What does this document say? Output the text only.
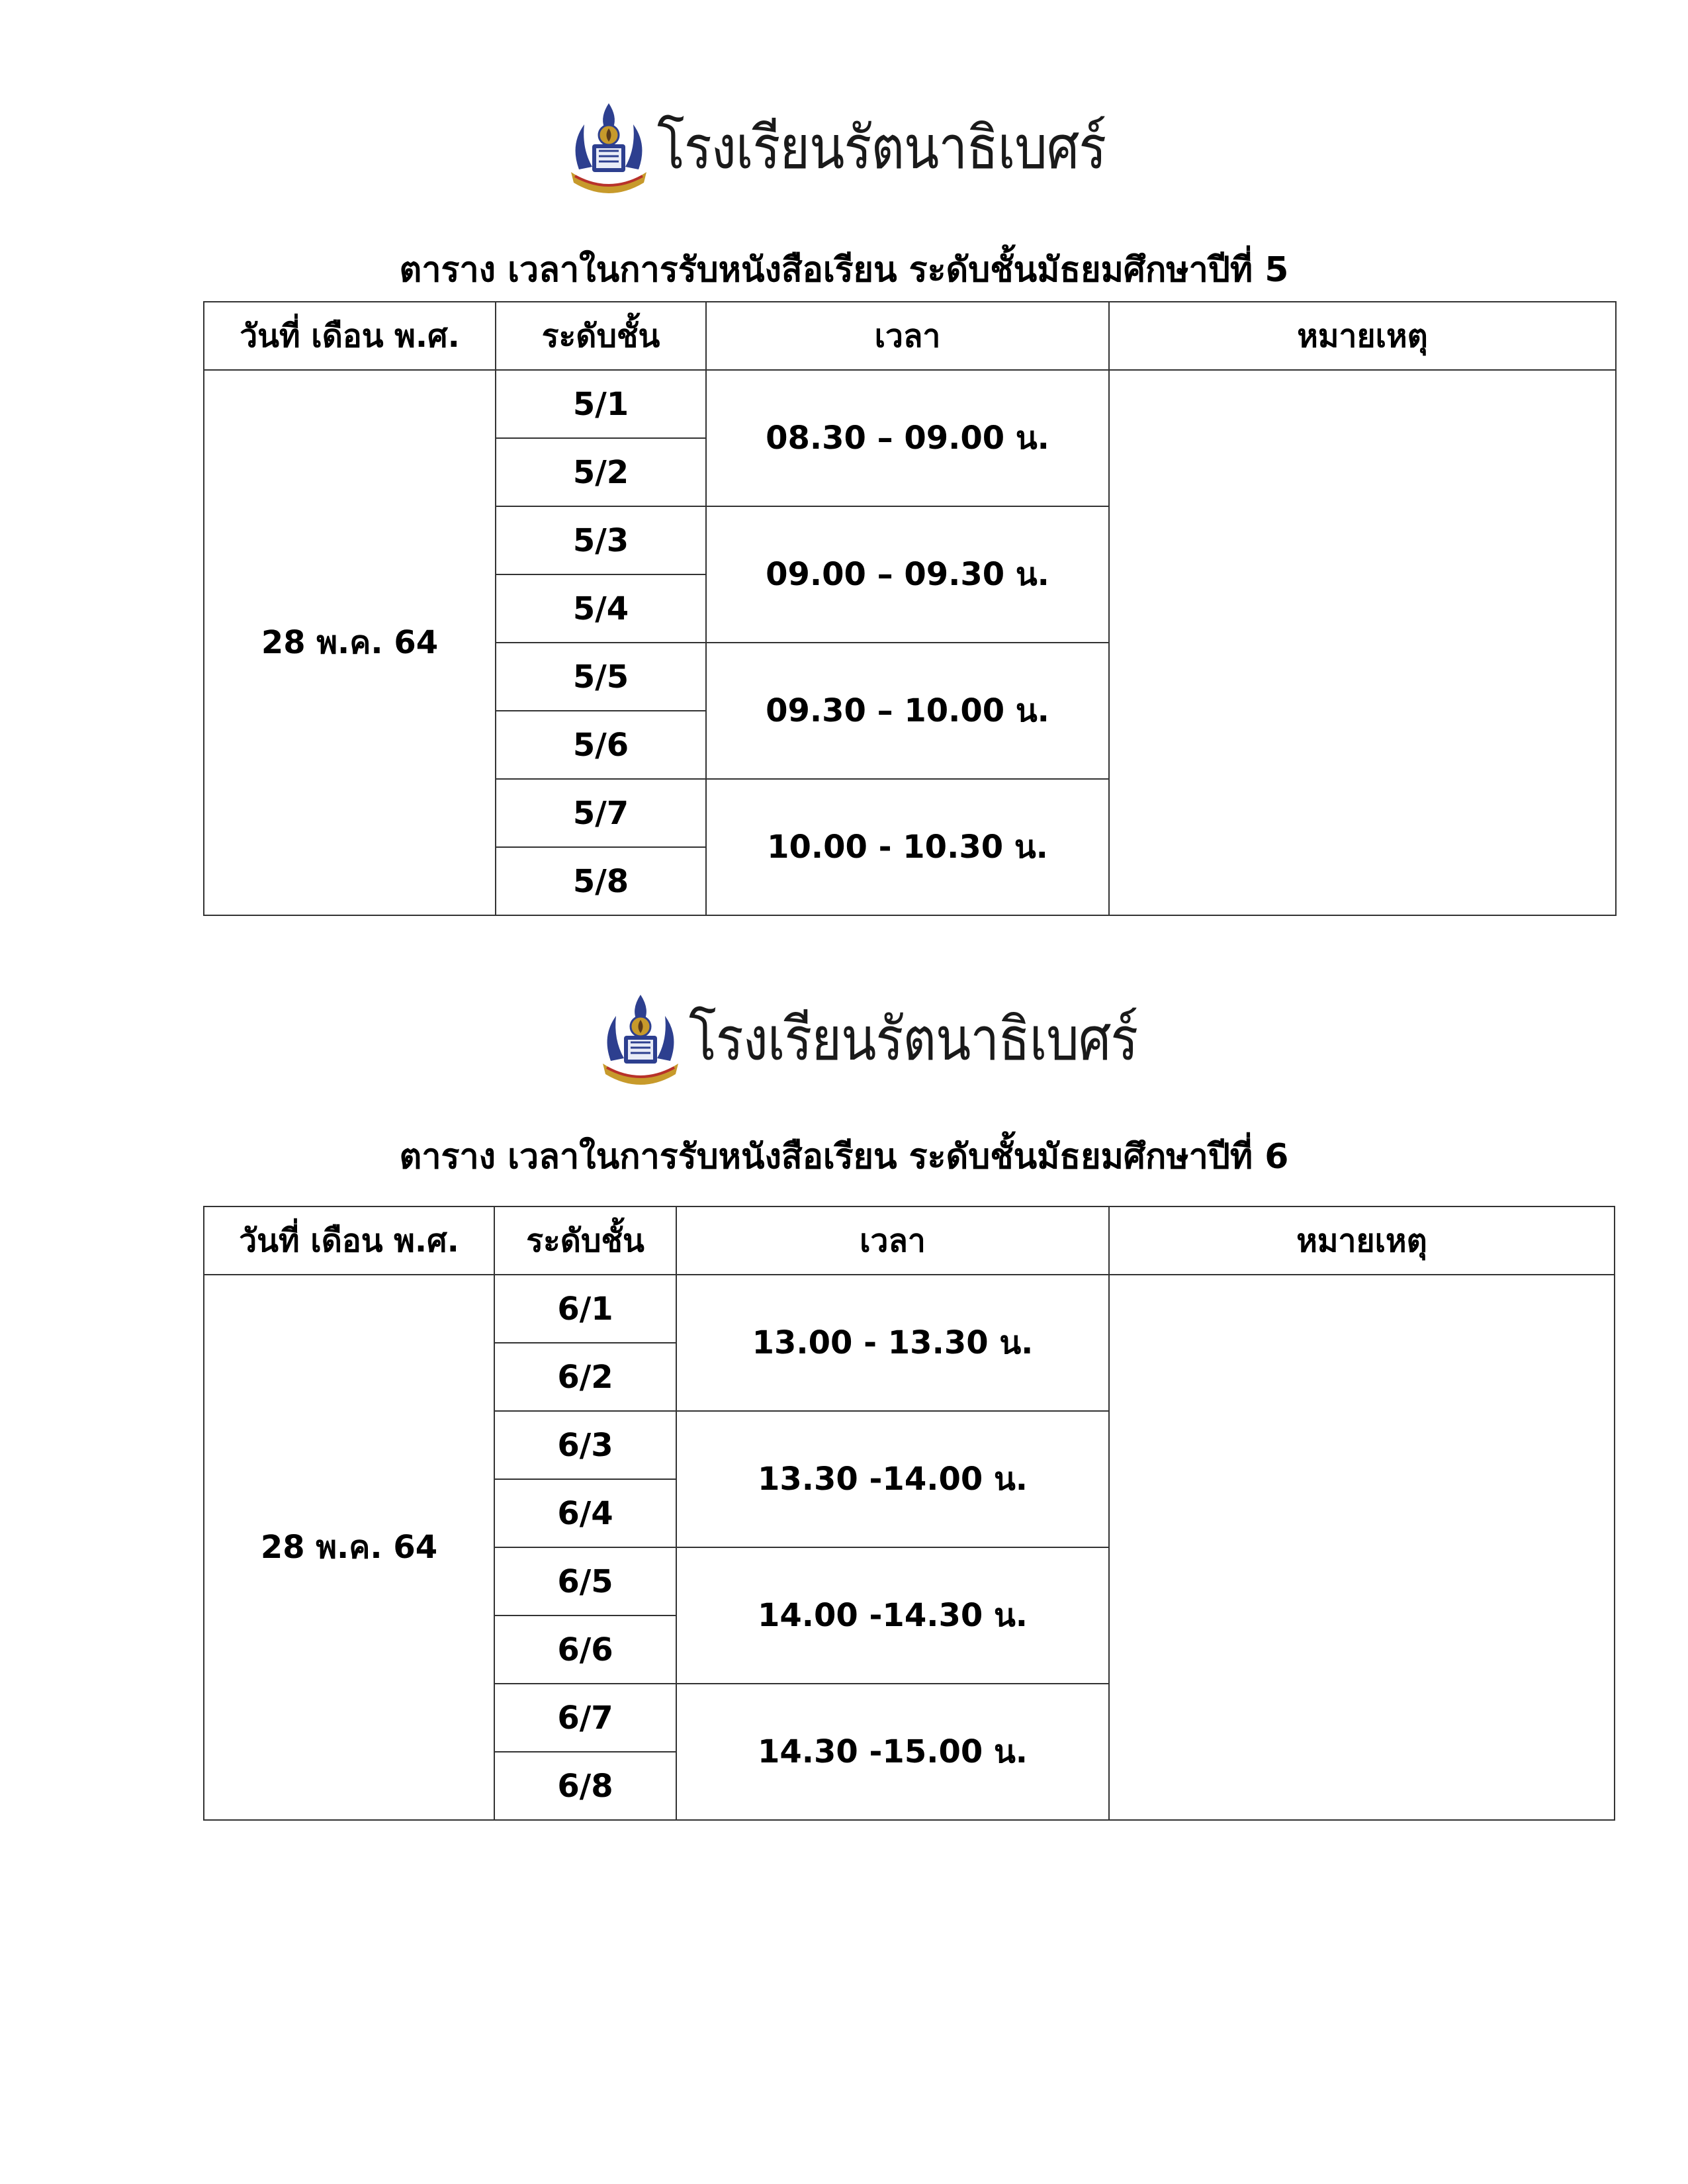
โรงเรียนรัตนาธิเบศร์
ตาราง เวลาในการรับหนังสือเรียน ระดับชั้นมัธยมศึกษาปีที่ 5
วันที่ เดือน พ.ศ.	ระดับชั้น	เวลา	หมายเหตุ
28 พ.ค. 64	5/1	08.30 – 09.00 น.	
	5/2		
	5/3	09.00 – 09.30 น.	
	5/4		
	5/5	09.30 – 10.00 น.	
	5/6		
	5/7	10.00 - 10.30 น.	
	5/8		
โรงเรียนรัตนาธิเบศร์
ตาราง เวลาในการรับหนังสือเรียน ระดับชั้นมัธยมศึกษาปีที่ 6
วันที่ เดือน พ.ศ.	ระดับชั้น	เวลา	หมายเหตุ
28 พ.ค. 64	6/1	13.00 - 13.30 น.	
	6/2		
	6/3	13.30 -14.00 น.	
	6/4		
	6/5	14.00 -14.30 น.	
	6/6		
	6/7	14.30 -15.00 น.	
	6/8		
